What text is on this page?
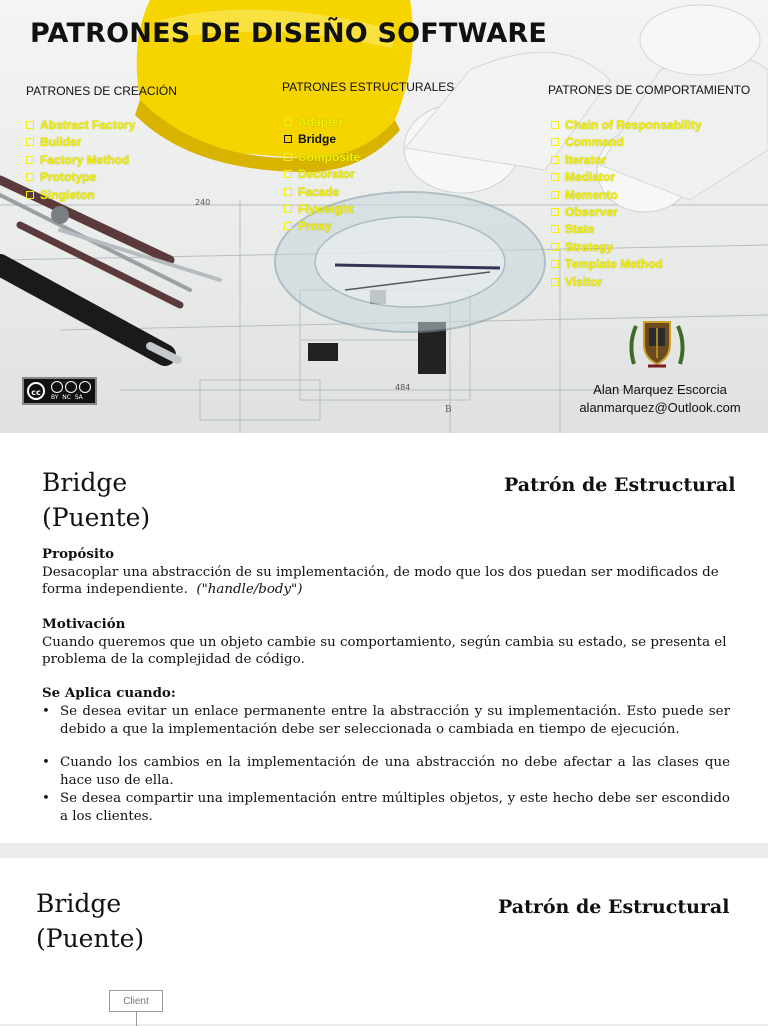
240
484
B
PATRONES DE DISEÑO SOFTWARE
PATRONES DE CREACIÓN
Abstract Factory
Builder
Factory Method
Prototype
Singleton
PATRONES ESTRUCTURALES
Adapter
Bridge
Composite
Decorator
Facade
Flyweight
Proxy
PATRONES DE COMPORTAMIENTO
Chain of Responsability
Command
Iterator
Mediator
Memento
Observer
State
Strategy
Template Method
Visitor
Alan Marquez Escorcia
alanmarquez@Outlook.com
cc
BY  NC  SA
Bridge
(Puente)
Patrón de Estructural
Propósito
Desacoplar una abstracción de su implementación, de modo que los dos puedan ser modificados de forma independiente. ("handle/body")
Motivación
Cuando queremos que un objeto cambie su comportamiento, según cambia su estado, se presenta el problema de la complejidad de código.
Se Aplica cuando:
• Se desea evitar un enlace permanente entre la abstracción y su implementación. Esto puede ser debido a que la implementación debe ser seleccionada o cambiada en tiempo de ejecución.
• Cuando los cambios en la implementación de una abstracción no debe afectar a las clases que hace uso de ella.
• Se desea compartir una implementación entre múltiples objetos, y este hecho debe ser escondido a los clientes.
Bridge
(Puente)
Patrón de Estructural
Client
